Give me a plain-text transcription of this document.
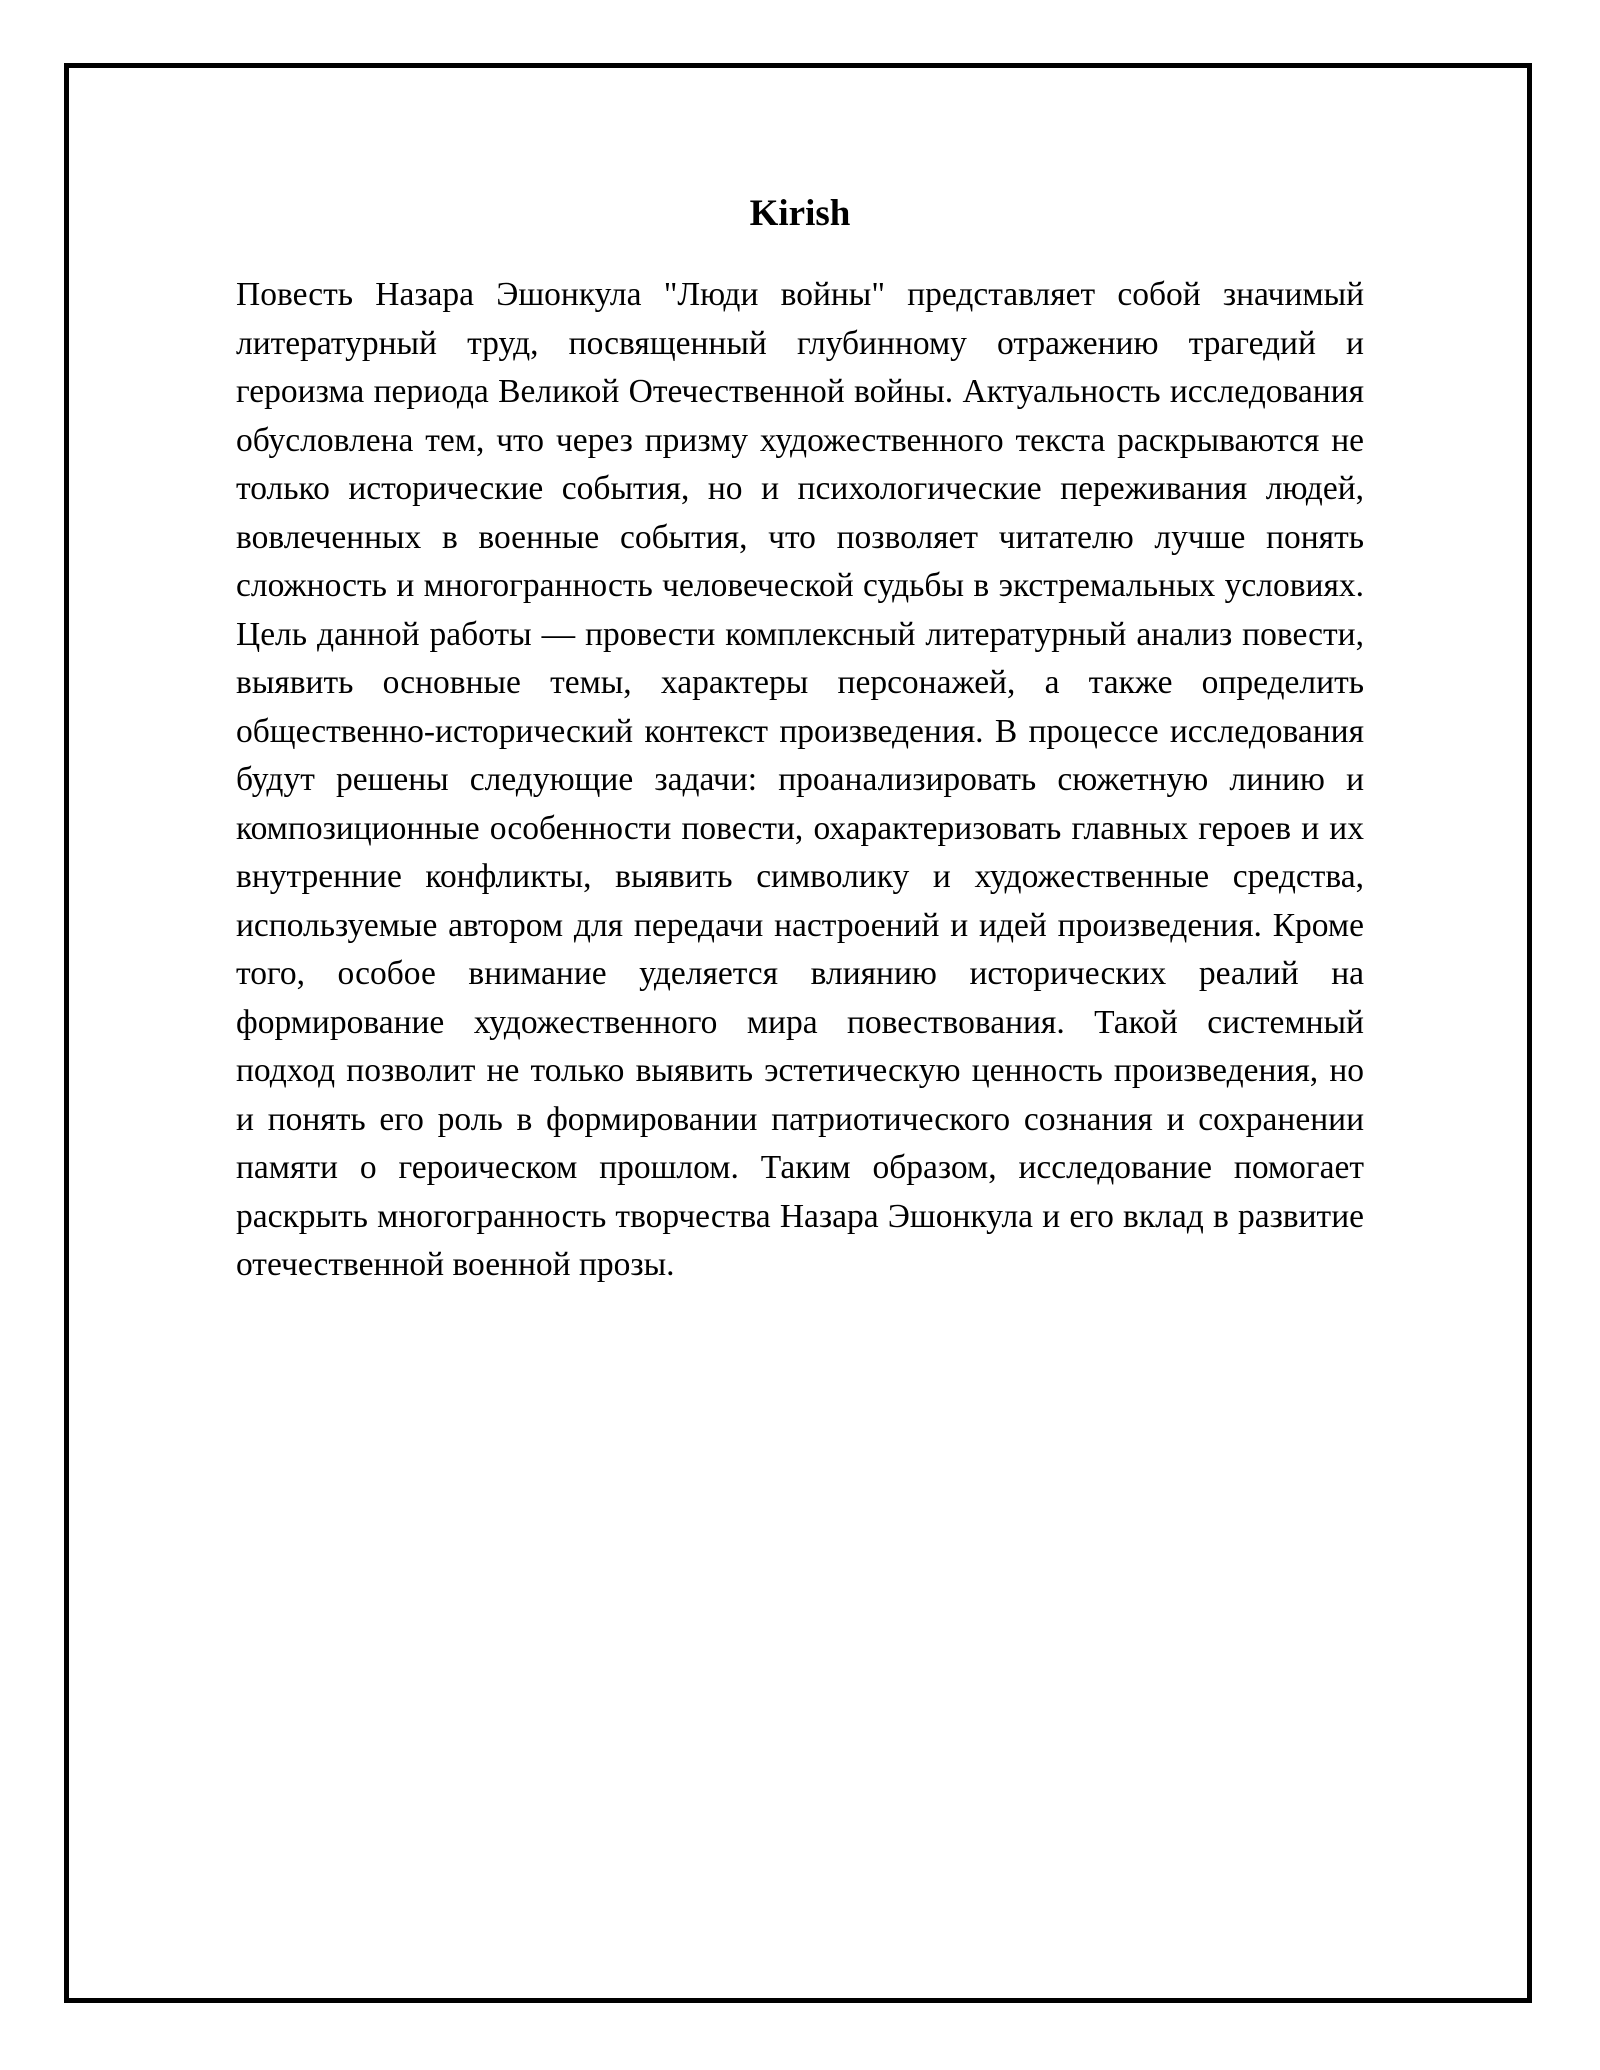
Kirish

Повесть Назара Эшонкула "Люди войны" представляет собой значимый литературный труд, посвященный глубинному отражению трагедий и героизма периода Великой Отечественной войны. Актуальность исследования обусловлена тем, что через призму художественного текста раскрываются не только исторические события, но и психологические переживания людей, вовлеченных в военные события, что позволяет читателю лучше понять сложность и многогранность человеческой судьбы в экстремальных условиях. Цель данной работы — провести комплексный литературный анализ повести, выявить основные темы, характеры персонажей, а также определить общественно-исторический контекст произведения. В процессе исследования будут решены следующие задачи: проанализировать сюжетную линию и композиционные особенности повести, охарактеризовать главных героев и их внутренние конфликты, выявить символику и художественные средства, используемые автором для передачи настроений и идей произведения. Кроме того, особое внимание уделяется влиянию исторических реалий на формирование художественного мира повествования. Такой системный подход позволит не только выявить эстетическую ценность произведения, но и понять его роль в формировании патриотического сознания и сохранении памяти о героическом прошлом. Таким образом, исследование помогает раскрыть многогранность творчества Назара Эшонкула и его вклад в развитие отечественной военной прозы.
